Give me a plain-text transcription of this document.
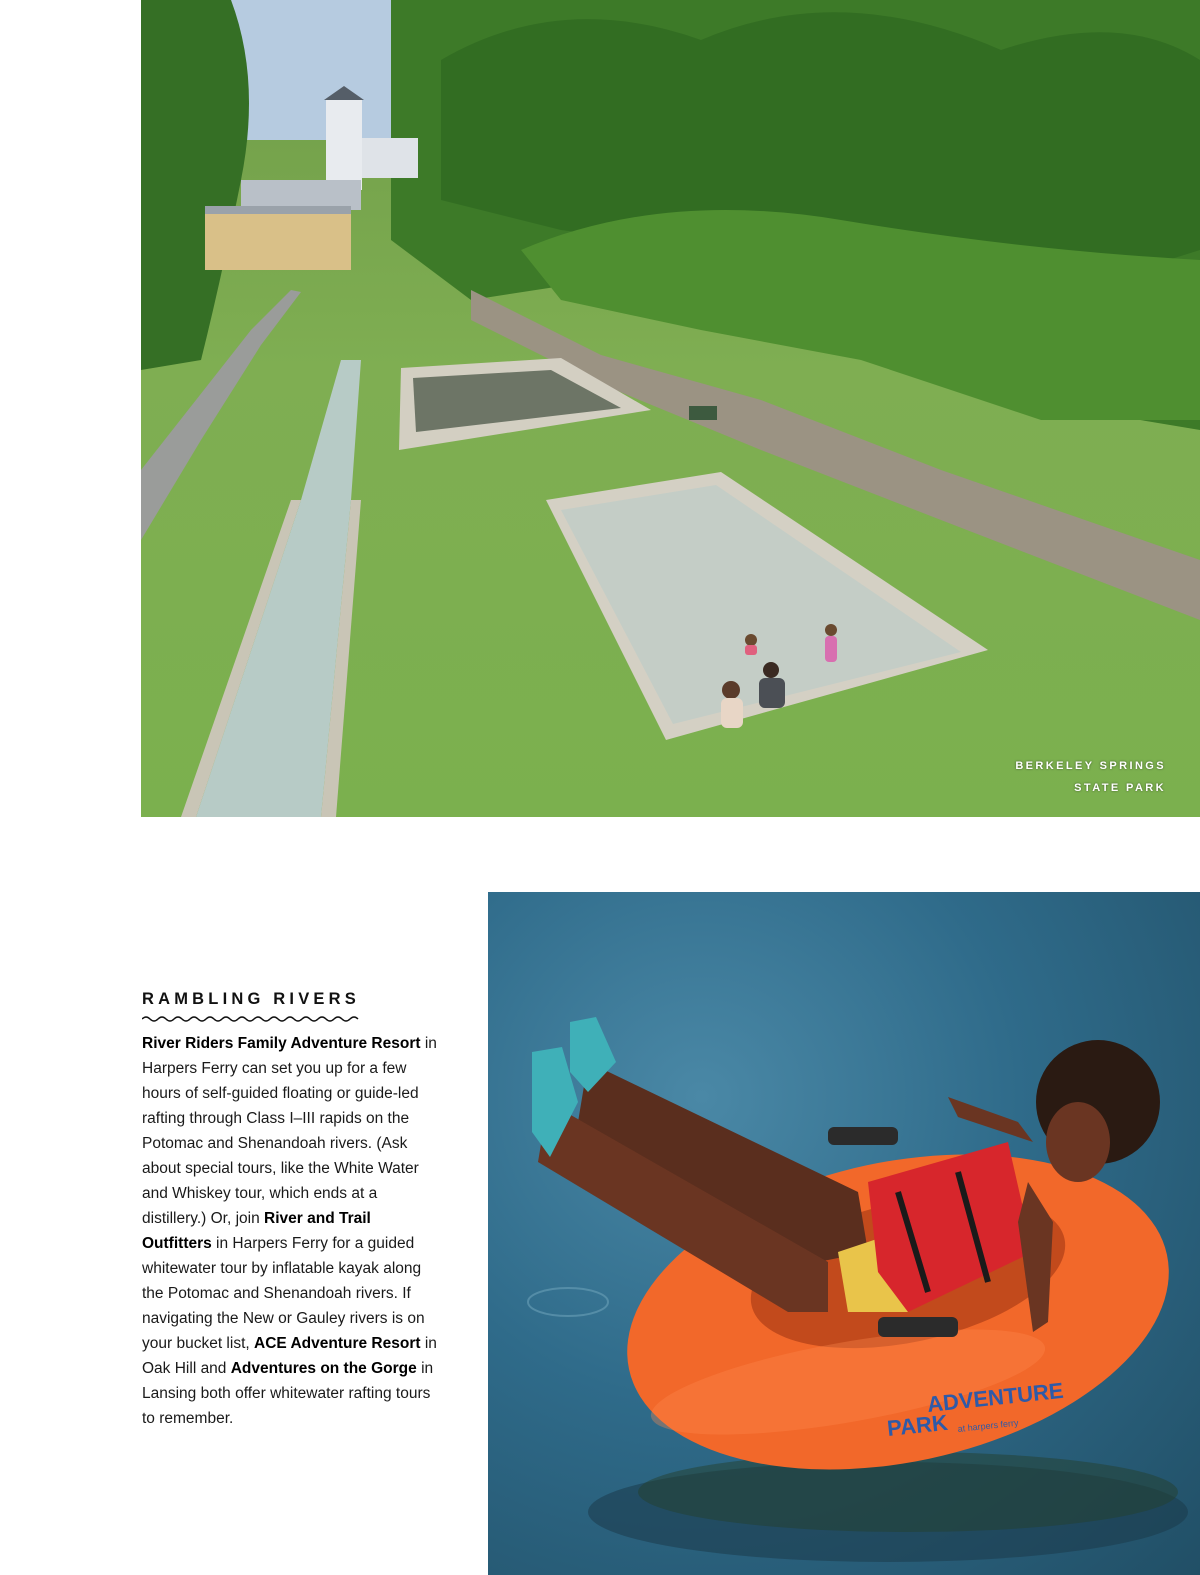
BERKELEY SPRINGS
STATE PARK
RAMBLING RIVERS

River Riders Family Adventure Resort in Harpers Ferry can set you up for a few hours of self-guided floating or guide-led rafting through Class I–III rapids on the Potomac and Shenandoah rivers. (Ask about special tours, like the White Water and Whiskey tour, which ends at a distillery.) Or, join River and Trail Outfitters in Harpers Ferry for a guided whitewater tour by inflatable kayak along the Potomac and Shenandoah rivers. If navigating the New or Gauley rivers is on your bucket list, ACE Adventure Resort in Oak Hill and Adventures on the Gorge in Lansing both offer whitewater rafting tours to remember.

ADVENTURE
PARK at harpers ferry
